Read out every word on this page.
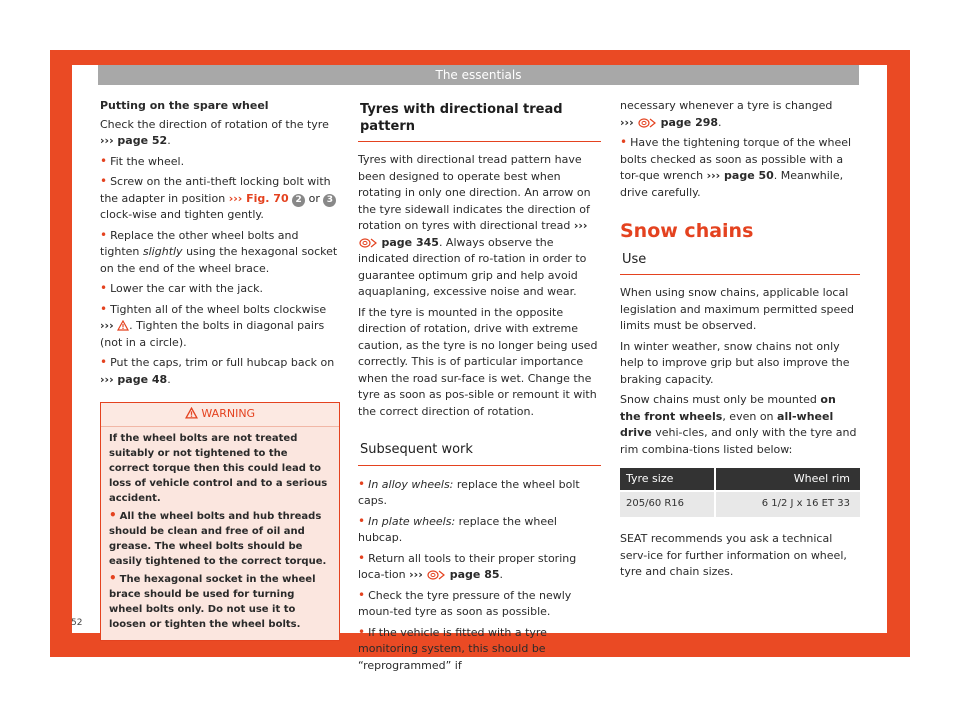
The essentials
Putting on the spare wheel
Check the direction of rotation of the tyre
››› page 52.
• Fit the wheel.
• Screw on the anti-theft locking bolt with the adapter in position ››› Fig. 70 2 or 3 clock-wise and tighten gently.
• Replace the other wheel bolts and tighten slightly using the hexagonal socket on the end of the wheel brace.
• Lower the car with the jack.
• Tighten all of the wheel bolts clockwise
››› . Tighten the bolts in diagonal pairs (not in a circle).
• Put the caps, trim or full hubcap back on
››› page 48.
WARNING
If the wheel bolts are not treated suitably or not tightened to the correct torque then this could lead to loss of vehicle control and to a serious accident.
• All the wheel bolts and hub threads should be clean and free of oil and grease. The wheel bolts should be easily tightened to the correct torque.
• The hexagonal socket in the wheel brace should be used for turning wheel bolts only. Do not use it to loosen or tighten the wheel bolts.
Tyres with directional tread pattern
Tyres with directional tread pattern have been designed to operate best when rotating in only one direction. An arrow on the tyre sidewall indicates the direction of rotation on tyres with directional tread ›››  page 345. Always observe the indicated direction of ro-tation in order to guarantee optimum grip and help avoid aquaplaning, excessive noise and wear.
If the tyre is mounted in the opposite direction of rotation, drive with extreme caution, as the tyre is no longer being used correctly. This is of particular importance when the road sur-face is wet. Change the tyre as soon as pos-sible or remount it with the correct direction of rotation.
Subsequent work
• In alloy wheels: replace the wheel bolt caps.
• In plate wheels: replace the wheel hubcap.
• Return all tools to their proper storing loca-tion ››› page 85.
• Check the tyre pressure of the newly moun-ted tyre as soon as possible.
• If the vehicle is fitted with a tyre monitoring system, this should be “reprogrammed” if
necessary whenever a tyre is changed
››› page 298.
• Have the tightening torque of the wheel bolts checked as soon as possible with a tor-que wrench ››› page 50. Meanwhile, drive carefully.
Snow chains
Use
When using snow chains, applicable local legislation and maximum permitted speed limits must be observed.
In winter weather, snow chains not only help to improve grip but also improve the braking capacity.
Snow chains must only be mounted on the front wheels, even on all-wheel drive vehi-cles, and only with the tyre and rim combina-tions listed below:
Tyre size	Wheel rim
205/60 R16	6 1/2 J x 16 ET 33
SEAT recommends you ask a technical serv-ice for further information on wheel, tyre and chain sizes.
52
